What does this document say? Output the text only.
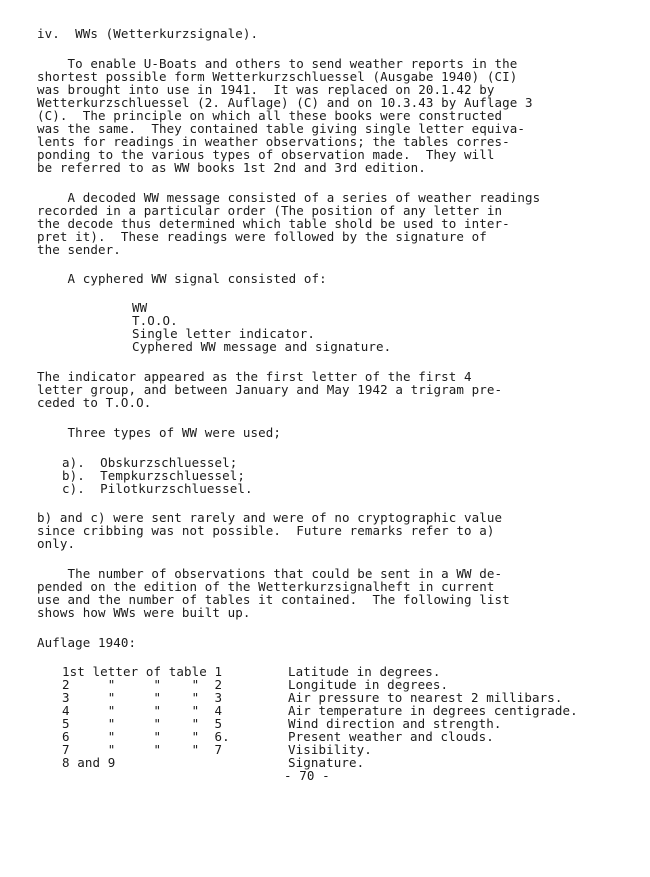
iv.  WWs (Wetterkurzsignale).
To enable U-Boats and others to send weather reports in the
shortest possible form Wetterkurzschluessel (Ausgabe 1940) (CI)
was brought into use in 1941.  It was replaced on 20.1.42 by
Wetterkurzschluessel (2. Auflage) (C) and on 10.3.43 by Auflage 3
(C).  The principle on which all these books were constructed
was the same.  They contained table giving single letter equiva-
lents for readings in weather observations; the tables corres-
ponding to the various types of observation made.  They will
be referred to as WW books 1st 2nd and 3rd edition.
A decoded WW message consisted of a series of weather readings
recorded in a particular order (The position of any letter in
the decode thus determined which table shold be used to inter-
pret it).  These readings were followed by the signature of
the sender.
A cyphered WW signal consisted of:
WW
T.O.O.
Single letter indicator.
Cyphered WW message and signature.
The indicator appeared as the first letter of the first 4
letter group, and between January and May 1942 a trigram pre-
ceded to T.O.O.
Three types of WW were used;
a).  Obskurzschluessel;
b).  Tempkurzschluessel;
c).  Pilotkurzschluessel.
b) and c) were sent rarely and were of no cryptographic value
since cribbing was not possible.  Future remarks refer to a)
only.
The number of observations that could be sent in a WW de-
pended on the edition of the Wetterkurzsignalheft in current
use and the number of tables it contained.  The following list
shows how WWs were built up.
Auflage 1940:
1st letter of table 1	Latitude in degrees.
2     "     "    "  2	Longitude in degrees.
3     "     "    "  3	Air pressure to nearest 2 millibars.
4     "     "    "  4	Air temperature in degrees centigrade.
5     "     "    "  5	Wind direction and strength.
6     "     "    "  6.	Present weather and clouds.
7     "     "    "  7	Visibility.
8 and 9	Signature.
- 70 -
